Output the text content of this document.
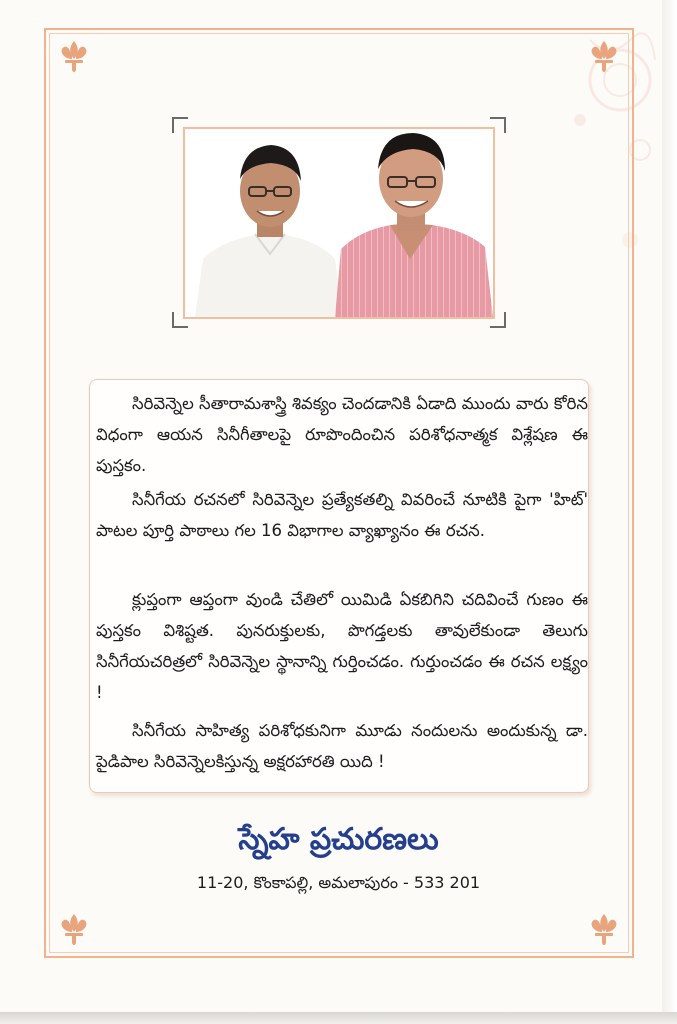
సిరివెన్నెల సీతారామశాస్త్రి శివక్యం చెందడానికి ఏడాది ముందు వారు కోరిన విధంగా ఆయన సినీగీతాలపై రూపొందించిన పరిశోధనాత్మక విశ్లేషణ ఈ పుస్తకం.

సినీగేయ రచనలో సిరివెన్నెల ప్రత్యేకతల్ని వివరించే నూటికి పైగా 'హిట్' పాటల పూర్తి పాఠాలు గల 16 విభాగాల వ్యాఖ్యానం ఈ రచన.

క్లుప్తంగా ఆప్తంగా వుండి చేతిలో యిమిడి ఏకబిగిని చదివించే గుణం ఈ పుస్తకం విశిష్టత. పునరుక్తులకు, పొగడ్తలకు తావులేకుండా తెలుగు సినీగేయచరిత్రలో సిరివెన్నెల స్థానాన్ని గుర్తించడం. గుర్తుంచడం ఈ రచన లక్ష్యం !

సినీగేయ సాహిత్య పరిశోధకునిగా మూడు నందులను అందుకున్న డా. పైడిపాల సిరివెన్నెలకిస్తున్న అక్షరహారతి యిది !

స్నేహ ప్రచురణలు
11-20, కొంకాపల్లి, అమలాపురం - 533 201
